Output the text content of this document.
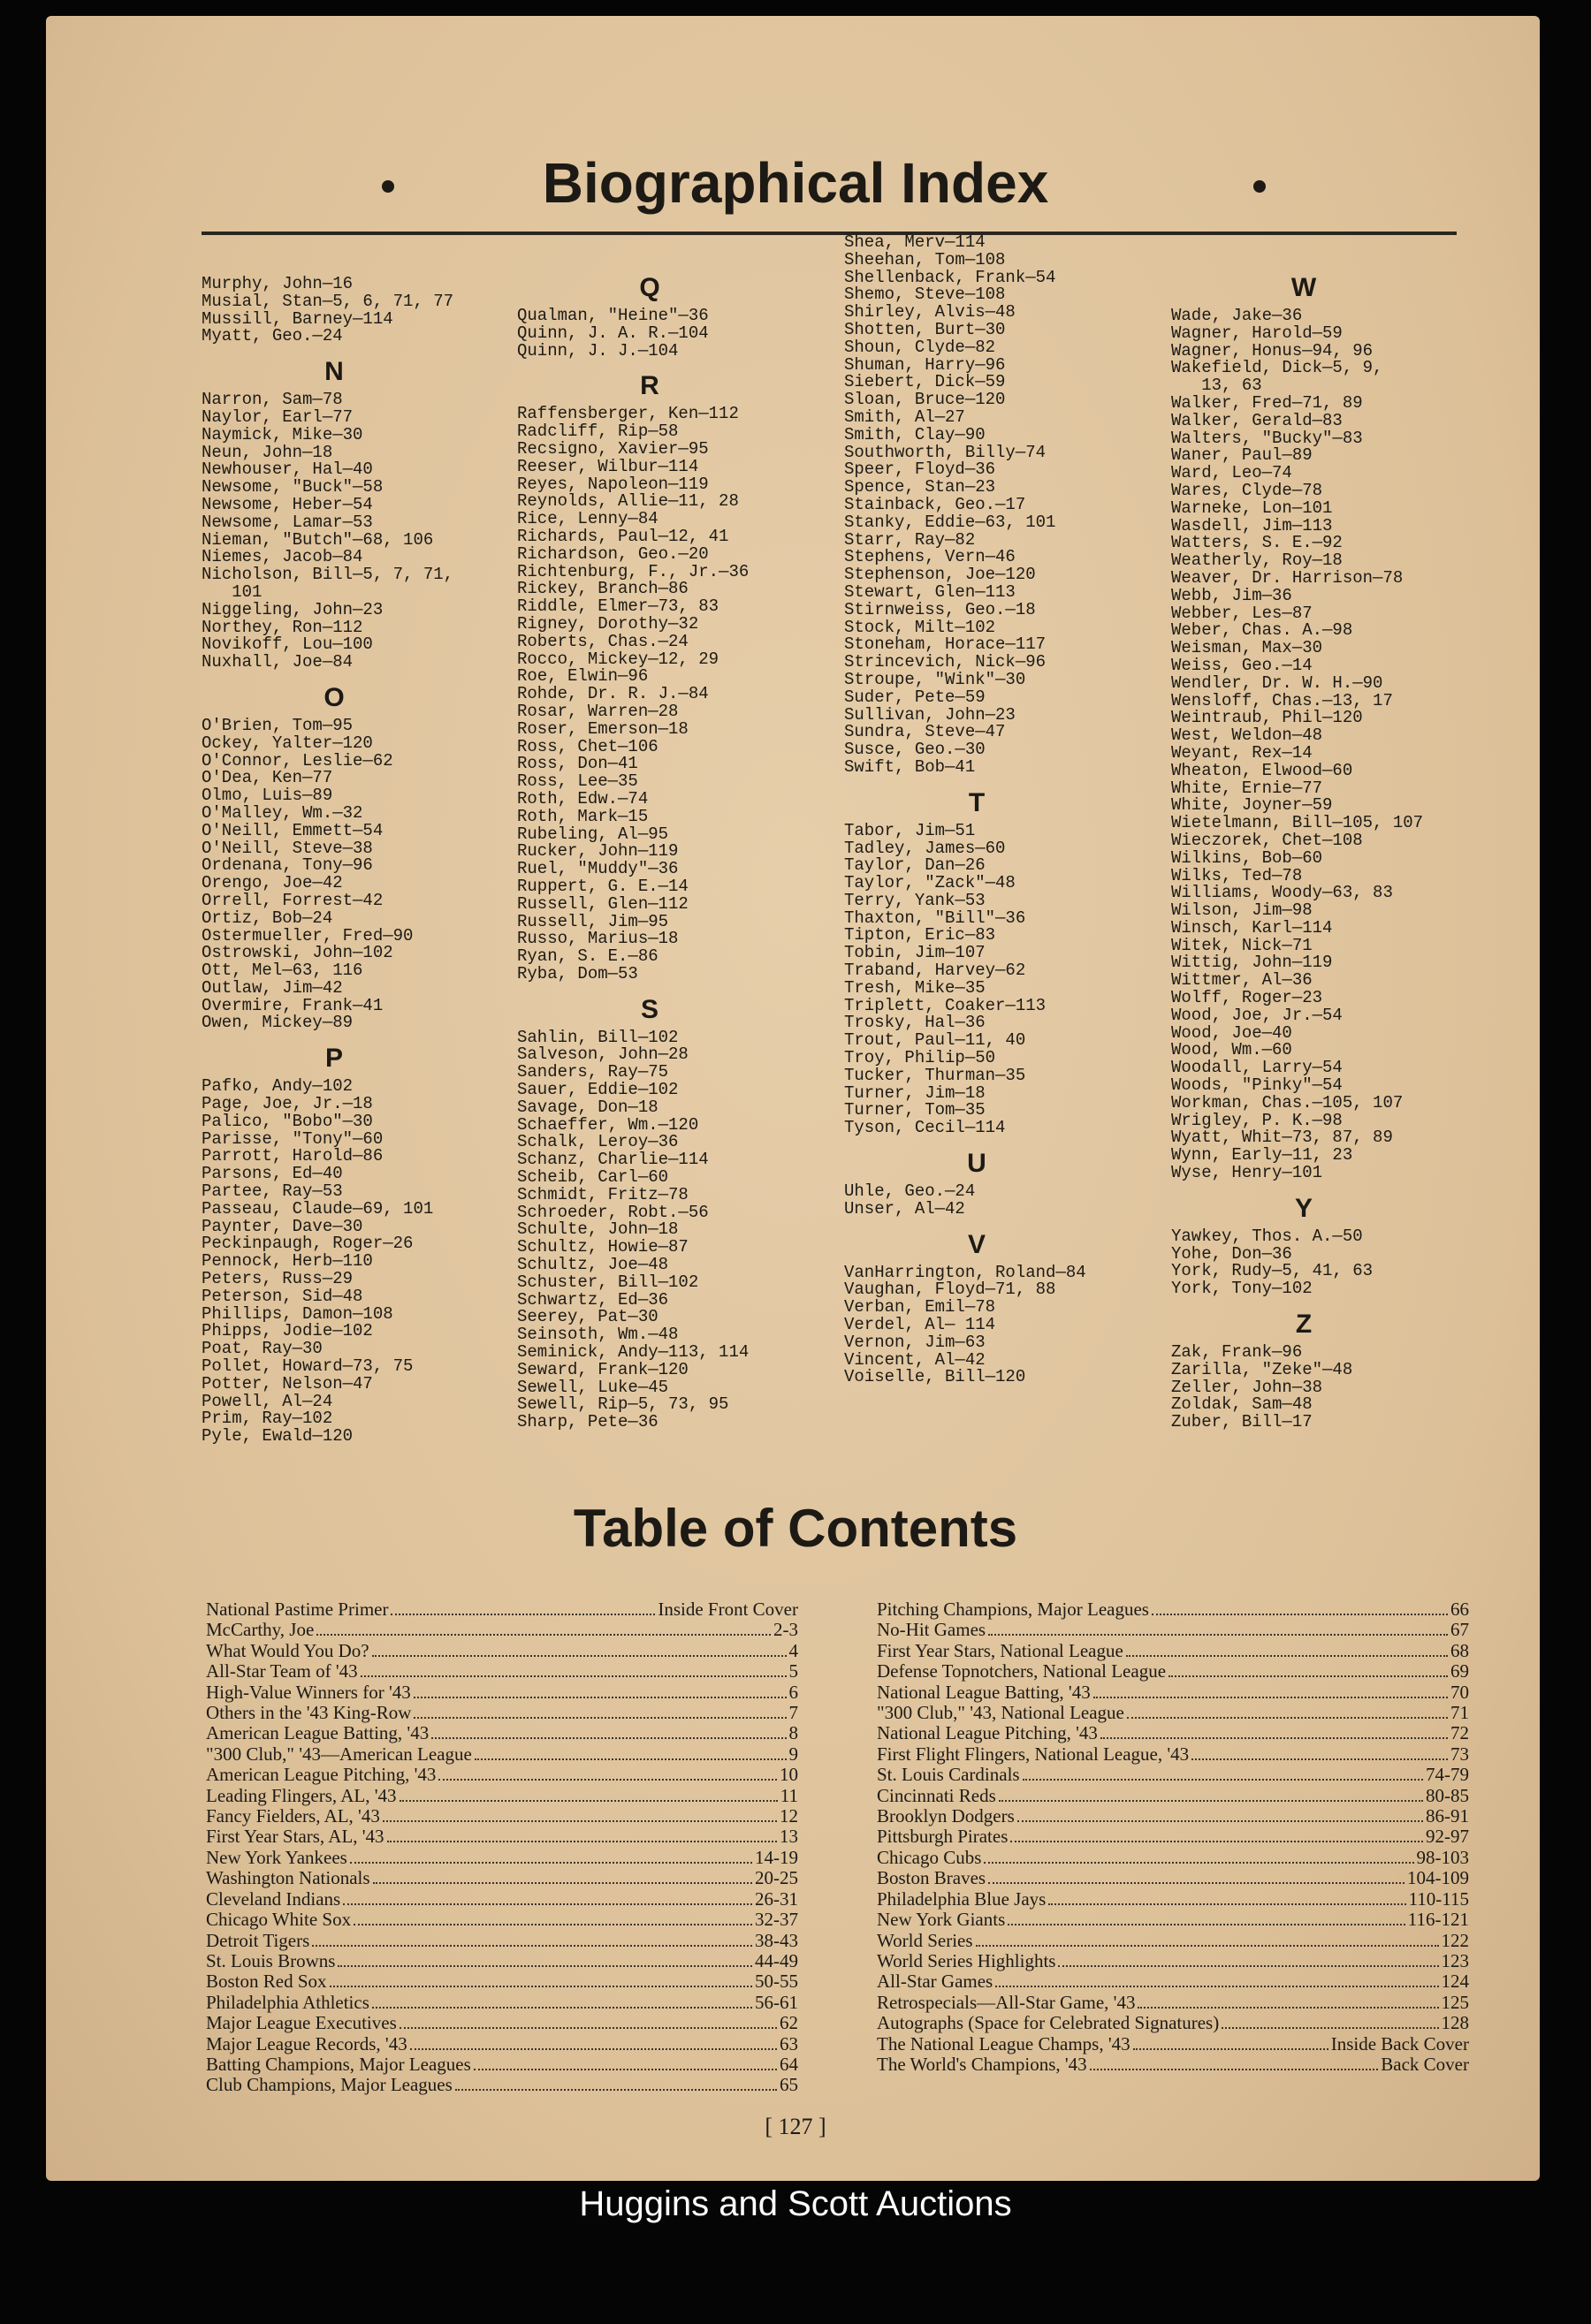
Biographical Index
Murphy, John—16
Musial, Stan—5, 6, 71, 77
Mussill, Barney—114
Myatt, Geo.—24
N
Narron, Sam—78
Naylor, Earl—77
Naymick, Mike—30
Neun, John—18
Newhouser, Hal—40
Newsome, "Buck"—58
Newsome, Heber—54
Newsome, Lamar—53
Nieman, "Butch"—68, 106
Niemes, Jacob—84
Nicholson, Bill—5, 7, 71,
101
Niggeling, John—23
Northey, Ron—112
Novikoff, Lou—100
Nuxhall, Joe—84
O
O'Brien, Tom—95
Ockey, Yalter—120
O'Connor, Leslie—62
O'Dea, Ken—77
Olmo, Luis—89
O'Malley, Wm.—32
O'Neill, Emmett—54
O'Neill, Steve—38
Ordenana, Tony—96
Orengo, Joe—42
Orrell, Forrest—42
Ortiz, Bob—24
Ostermueller, Fred—90
Ostrowski, John—102
Ott, Mel—63, 116
Outlaw, Jim—42
Overmire, Frank—41
Owen, Mickey—89
P
Pafko, Andy—102
Page, Joe, Jr.—18
Palico, "Bobo"—30
Parisse, "Tony"—60
Parrott, Harold—86
Parsons, Ed—40
Partee, Ray—53
Passeau, Claude—69, 101
Paynter, Dave—30
Peckinpaugh, Roger—26
Pennock, Herb—110
Peters, Russ—29
Peterson, Sid—48
Phillips, Damon—108
Phipps, Jodie—102
Poat, Ray—30
Pollet, Howard—73, 75
Potter, Nelson—47
Powell, Al—24
Prim, Ray—102
Pyle, Ewald—120
Q
Qualman, "Heine"—36
Quinn, J. A. R.—104
Quinn, J. J.—104
R
Raffensberger, Ken—112
Radcliff, Rip—58
Recsigno, Xavier—95
Reeser, Wilbur—114
Reyes, Napoleon—119
Reynolds, Allie—11, 28
Rice, Lenny—84
Richards, Paul—12, 41
Richardson, Geo.—20
Richtenburg, F., Jr.—36
Rickey, Branch—86
Riddle, Elmer—73, 83
Rigney, Dorothy—32
Roberts, Chas.—24
Rocco, Mickey—12, 29
Roe, Elwin—96
Rohde, Dr. R. J.—84
Rosar, Warren—28
Roser, Emerson—18
Ross, Chet—106
Ross, Don—41
Ross, Lee—35
Roth, Edw.—74
Roth, Mark—15
Rubeling, Al—95
Rucker, John—119
Ruel, "Muddy"—36
Ruppert, G. E.—14
Russell, Glen—112
Russell, Jim—95
Russo, Marius—18
Ryan, S. E.—86
Ryba, Dom—53
S
Sahlin, Bill—102
Salveson, John—28
Sanders, Ray—75
Sauer, Eddie—102
Savage, Don—18
Schaeffer, Wm.—120
Schalk, Leroy—36
Schanz, Charlie—114
Scheib, Carl—60
Schmidt, Fritz—78
Schroeder, Robt.—56
Schulte, John—18
Schultz, Howie—87
Schultz, Joe—48
Schuster, Bill—102
Schwartz, Ed—36
Seerey, Pat—30
Seinsoth, Wm.—48
Seminick, Andy—113, 114
Seward, Frank—120
Sewell, Luke—45
Sewell, Rip—5, 73, 95
Sharp, Pete—36
Shea, Merv—114
Sheehan, Tom—108
Shellenback, Frank—54
Shemo, Steve—108
Shirley, Alvis—48
Shotten, Burt—30
Shoun, Clyde—82
Shuman, Harry—96
Siebert, Dick—59
Sloan, Bruce—120
Smith, Al—27
Smith, Clay—90
Southworth, Billy—74
Speer, Floyd—36
Spence, Stan—23
Stainback, Geo.—17
Stanky, Eddie—63, 101
Starr, Ray—82
Stephens, Vern—46
Stephenson, Joe—120
Stewart, Glen—113
Stirnweiss, Geo.—18
Stock, Milt—102
Stoneham, Horace—117
Strincevich, Nick—96
Stroupe, "Wink"—30
Suder, Pete—59
Sullivan, John—23
Sundra, Steve—47
Susce, Geo.—30
Swift, Bob—41
T
Tabor, Jim—51
Tadley, James—60
Taylor, Dan—26
Taylor, "Zack"—48
Terry, Yank—53
Thaxton, "Bill"—36
Tipton, Eric—83
Tobin, Jim—107
Traband, Harvey—62
Tresh, Mike—35
Triplett, Coaker—113
Trosky, Hal—36
Trout, Paul—11, 40
Troy, Philip—50
Tucker, Thurman—35
Turner, Jim—18
Turner, Tom—35
Tyson, Cecil—114
U
Uhle, Geo.—24
Unser, Al—42
V
VanHarrington, Roland—84
Vaughan, Floyd—71, 88
Verban, Emil—78
Verdel, Al— 114
Vernon, Jim—63
Vincent, Al—42
Voiselle, Bill—120
W
Wade, Jake—36
Wagner, Harold—59
Wagner, Honus—94, 96
Wakefield, Dick—5, 9,
13, 63
Walker, Fred—71, 89
Walker, Gerald—83
Walters, "Bucky"—83
Waner, Paul—89
Ward, Leo—74
Wares, Clyde—78
Warneke, Lon—101
Wasdell, Jim—113
Watters, S. E.—92
Weatherly, Roy—18
Weaver, Dr. Harrison—78
Webb, Jim—36
Webber, Les—87
Weber, Chas. A.—98
Weisman, Max—30
Weiss, Geo.—14
Wendler, Dr. W. H.—90
Wensloff, Chas.—13, 17
Weintraub, Phil—120
West, Weldon—48
Weyant, Rex—14
Wheaton, Elwood—60
White, Ernie—77
White, Joyner—59
Wietelmann, Bill—105, 107
Wieczorek, Chet—108
Wilkins, Bob—60
Wilks, Ted—78
Williams, Woody—63, 83
Wilson, Jim—98
Winsch, Karl—114
Witek, Nick—71
Wittig, John—119
Wittmer, Al—36
Wolff, Roger—23
Wood, Joe, Jr.—54
Wood, Joe—40
Wood, Wm.—60
Woodall, Larry—54
Woods, "Pinky"—54
Workman, Chas.—105, 107
Wrigley, P. K.—98
Wyatt, Whit—73, 87, 89
Wynn, Early—11, 23
Wyse, Henry—101
Y
Yawkey, Thos. A.—50
Yohe, Don—36
York, Rudy—5, 41, 63
York, Tony—102
Z
Zak, Frank—96
Zarilla, "Zeke"—48
Zeller, John—38
Zoldak, Sam—48
Zuber, Bill—17
Table of Contents
National Pastime Primer	Inside Front Cover
McCarthy, Joe	2-3
What Would You Do?	4
All-Star Team of '43	5
High-Value Winners for '43	6
Others in the '43 King-Row	7
American League Batting, '43	8
"300 Club," '43—American League	9
American League Pitching, '43	10
Leading Flingers, AL, '43	11
Fancy Fielders, AL, '43	12
First Year Stars, AL, '43	13
New York Yankees	14-19
Washington Nationals	20-25
Cleveland Indians	26-31
Chicago White Sox	32-37
Detroit Tigers	38-43
St. Louis Browns	44-49
Boston Red Sox	50-55
Philadelphia Athletics	56-61
Major League Executives	62
Major League Records, '43	63
Batting Champions, Major Leagues	64
Club Champions, Major Leagues	65
Pitching Champions, Major Leagues	66
No-Hit Games	67
First Year Stars, National League	68
Defense Topnotchers, National League	69
National League Batting, '43	70
"300 Club," '43, National League	71
National League Pitching, '43	72
First Flight Flingers, National League, '43	73
St. Louis Cardinals	74-79
Cincinnati Reds	80-85
Brooklyn Dodgers	86-91
Pittsburgh Pirates	92-97
Chicago Cubs	98-103
Boston Braves	104-109
Philadelphia Blue Jays	110-115
New York Giants	116-121
World Series	122
World Series Highlights	123
All-Star Games	124
Retrospecials—All-Star Game, '43	125
Autographs (Space for Celebrated Signatures)	128
The National League Champs, '43	Inside Back Cover
The World's Champions, '43	Back Cover
[ 127 ]
Huggins and Scott Auctions
